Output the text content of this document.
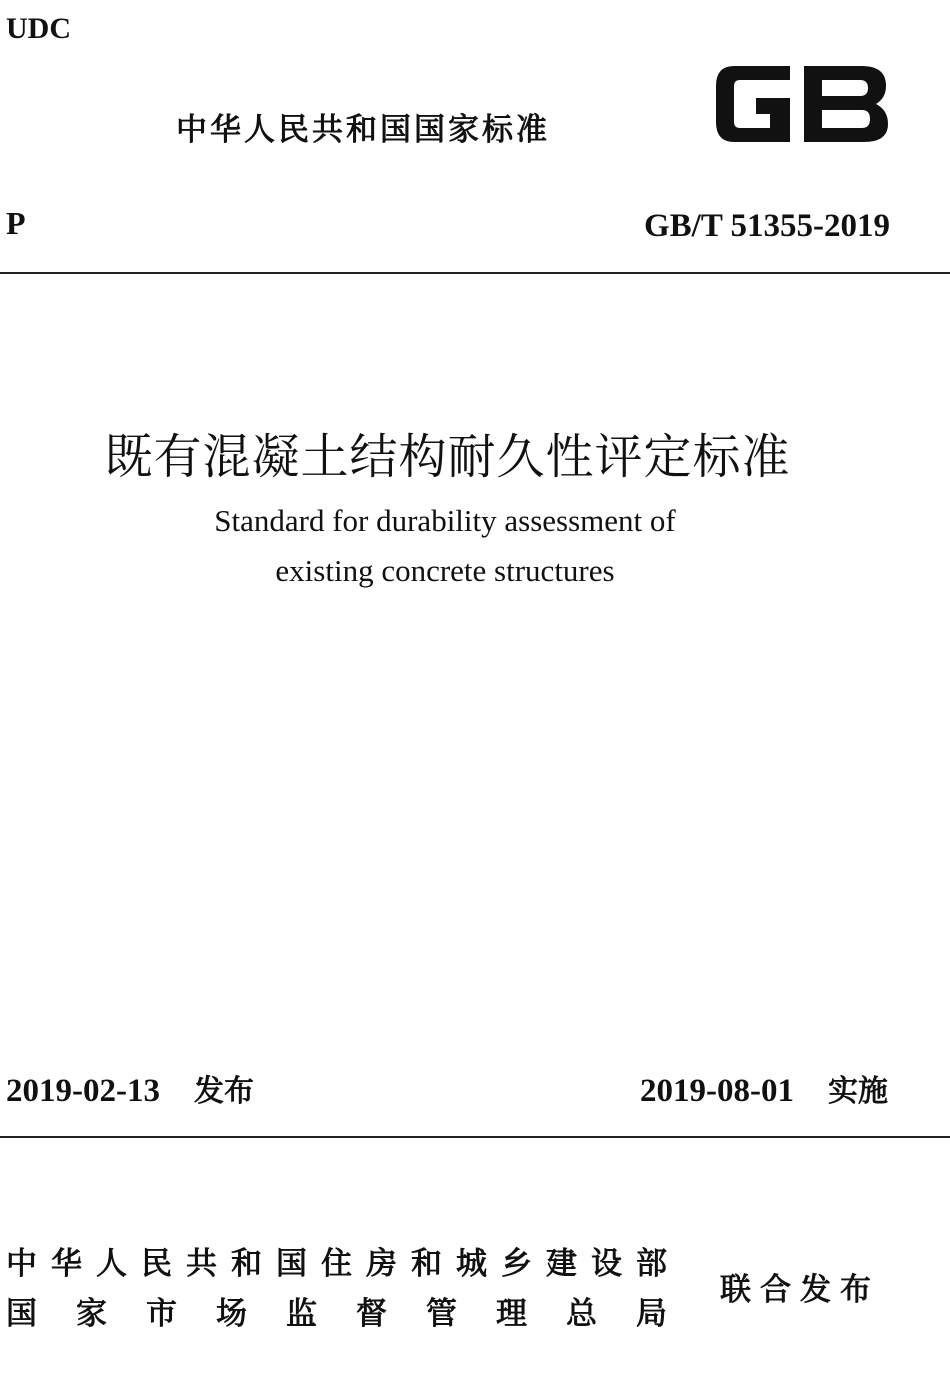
UDC
中华人民共和国国家标准
P	GB/T 51355-2019
既有混凝土结构耐久性评定标准
Standard for durability assessment of
existing concrete structures
2019-02-13 发布	2019-08-01 实施
中华人民共和国住房和城乡建设部
国 家 市 场 监 督 管 理 总 局
联合发布
